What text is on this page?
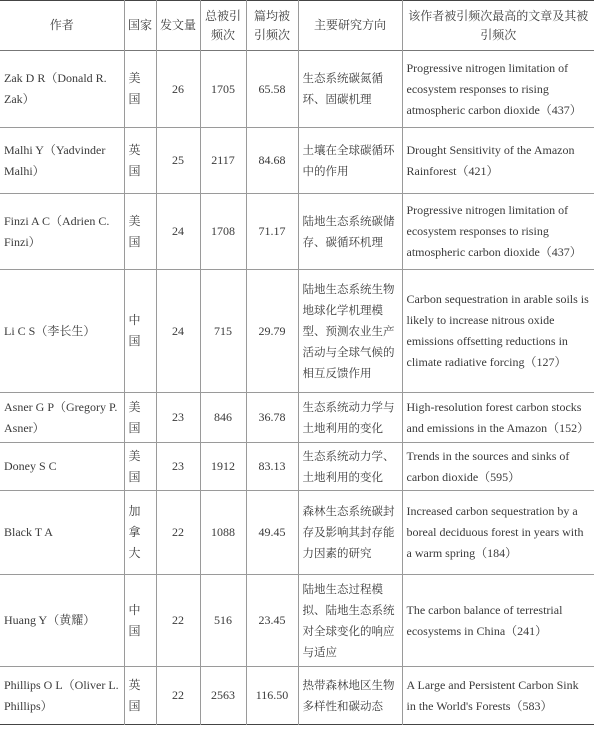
作者	国家	发文量	总被引频次	篇均被引频次	主要研究方向	该作者被引频次最高的文章及其被引频次
Zak D R（Donald R. Zak）	美国	26	1705	65.58	生态系统碳氮循环、固碳机理	Progressive nitrogen limitation of ecosystem responses to rising atmospheric carbon dioxide（437）
Malhi Y（Yadvinder Malhi）	英国	25	2117	84.68	土壤在全球碳循环中的作用	Drought Sensitivity of the Amazon Rainforest（421）
Finzi A C（Adrien C. Finzi）	美国	24	1708	71.17	陆地生态系统碳储存、碳循环机理	Progressive nitrogen limitation of ecosystem responses to rising atmospheric carbon dioxide（437）
Li C S（李长生）	中国	24	715	29.79	陆地生态系统生物地球化学机理模型、预测农业生产活动与全球气候的相互反馈作用	Carbon sequestration in arable soils is likely to increase nitrous oxide emissions offsetting reductions in climate radiative forcing（127）
Asner G P（Gregory P. Asner）	美国	23	846	36.78	生态系统动力学与土地利用的变化	High-resolution forest carbon stocks and emissions in the Amazon（152）
Doney S C	美国	23	1912	83.13	生态系统动力学、土地利用的变化	Trends in the sources and sinks of carbon dioxide（595）
Black T A	加拿大	22	1088	49.45	森林生态系统碳封存及影响其封存能力因素的研究	Increased carbon sequestration by a boreal deciduous forest in years with a warm spring（184）
Huang Y（黄耀）	中国	22	516	23.45	陆地生态过程模拟、陆地生态系统对全球变化的响应与适应	The carbon balance of terrestrial ecosystems in China（241）
Phillips O L（Oliver L. Phillips）	英国	22	2563	116.50	热带森林地区生物多样性和碳动态	A Large and Persistent Carbon Sink in the World's Forests（583）
